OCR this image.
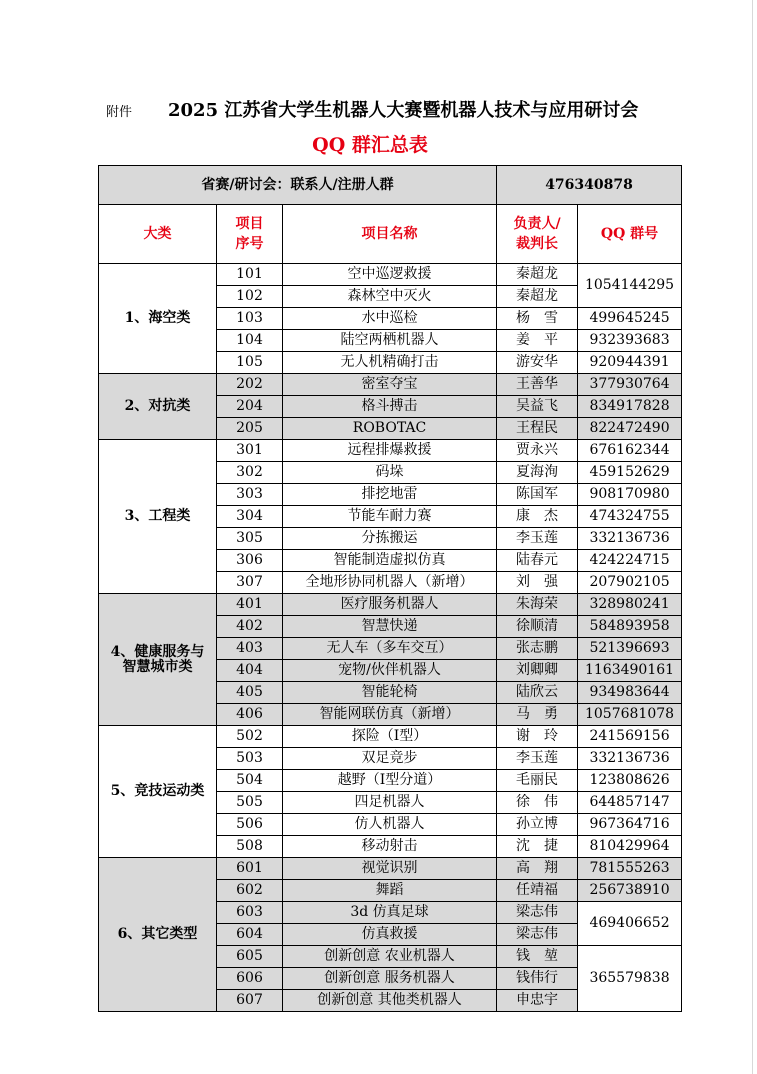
附件 2025 江苏省大学生机器人大赛暨机器人技术与应用研讨会
QQ 群汇总表
省赛/研讨会：联系人/注册人群			476340878	
大类	项目序号	项目名称	负责人/裁判长	QQ 群号
1、海空类	101	空中巡逻救援	秦超龙	1054144295
	102	森林空中灭火	秦超龙	
	103	水中巡检	杨　雪	499645245
	104	陆空两栖机器人	姜　平	932393683
	105	无人机精确打击	游安华	920944391
2、对抗类	202	密室夺宝	王善华	377930764
	204	格斗搏击	吴益飞	834917828
	205	ROBOTAC	王程民	822472490
3、工程类	301	远程排爆救援	贾永兴	676162344
	302	码垛	夏海洵	459152629
	303	排挖地雷	陈国军	908170980
	304	节能车耐力赛	康　杰	474324755
	305	分拣搬运	李玉莲	332136736
	306	智能制造虚拟仿真	陆春元	424224715
	307	全地形协同机器人（新增）	刘　强	207902105
4、健康服务与智慧城市类	401	医疗服务机器人	朱海荣	328980241
	402	智慧快递	徐顺清	584893958
	403	无人车（多车交互）	张志鹏	521396693
	404	宠物/伙伴机器人	刘卿卿	1163490161
	405	智能轮椅	陆欣云	934983644
	406	智能网联仿真（新增）	马　勇	1057681078
5、竞技运动类	502	探险（Ⅰ型）	谢　玲	241569156
	503	双足竞步	李玉莲	332136736
	504	越野（Ⅰ型分道）	毛丽民	123808626
	505	四足机器人	徐　伟	644857147
	506	仿人机器人	孙立博	967364716
	508	移动射击	沈　捷	810429964
6、其它类型	601	视觉识别	高　翔	781555263
	602	舞蹈	任靖福	256738910
	603	3d 仿真足球	梁志伟	469406652
	604	仿真救援	梁志伟	
	605	创新创意 农业机器人	钱　堃	365579838
	606	创新创意 服务机器人	钱伟行	
	607	创新创意 其他类机器人	申忠宇	
